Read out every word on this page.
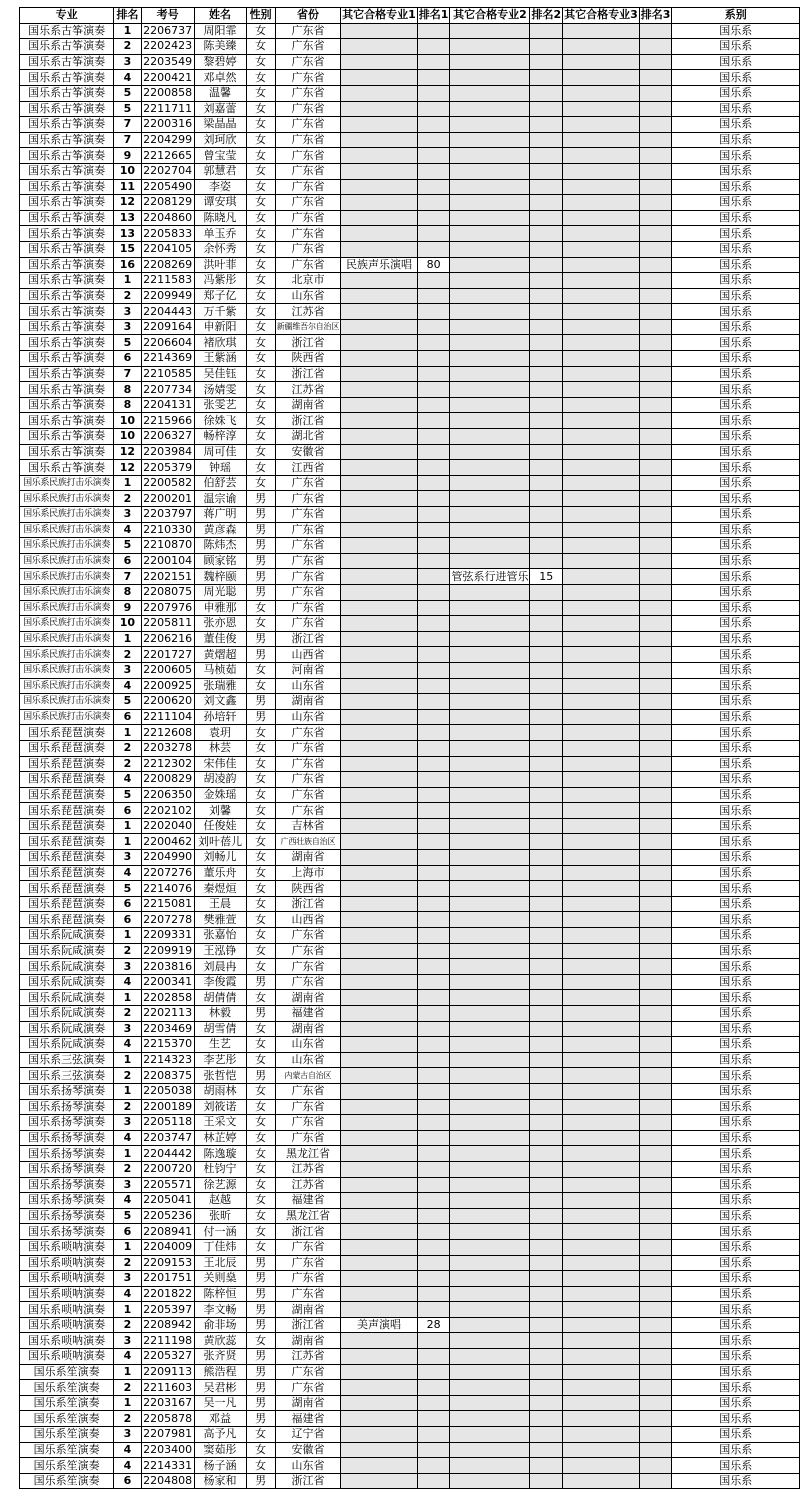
专业	排名	考号	姓名	性别	省份	其它合格专业1	排名1	其它合格专业2	排名2	其它合格专业3	排名3	系别
国乐系古筝演奏	1	2206737	周阳霏	女	广东省							国乐系
国乐系古筝演奏	2	2202423	陈美臻	女	广东省							国乐系
国乐系古筝演奏	3	2203549	黎碧婷	女	广东省							国乐系
国乐系古筝演奏	4	2200421	邓卓然	女	广东省							国乐系
国乐系古筝演奏	5	2200858	温馨	女	广东省							国乐系
国乐系古筝演奏	5	2211711	刘嘉蕾	女	广东省							国乐系
国乐系古筝演奏	7	2200316	梁晶晶	女	广东省							国乐系
国乐系古筝演奏	7	2204299	刘珂欣	女	广东省							国乐系
国乐系古筝演奏	9	2212665	曾宝莹	女	广东省							国乐系
国乐系古筝演奏	10	2202704	郭慧君	女	广东省							国乐系
国乐系古筝演奏	11	2205490	李姿	女	广东省							国乐系
国乐系古筝演奏	12	2208129	谭安琪	女	广东省							国乐系
国乐系古筝演奏	13	2204860	陈晓凡	女	广东省							国乐系
国乐系古筝演奏	13	2205833	单玉乔	女	广东省							国乐系
国乐系古筝演奏	15	2204105	余怀秀	女	广东省							国乐系
国乐系古筝演奏	16	2208269	洪叶菲	女	广东省	民族声乐演唱	80					国乐系
国乐系古筝演奏	1	2211583	冯紫彤	女	北京市							国乐系
国乐系古筝演奏	2	2209949	郑子亿	女	山东省							国乐系
国乐系古筝演奏	3	2204443	万千紫	女	江苏省							国乐系
国乐系古筝演奏	3	2209164	申新阳	女	新疆维吾尔自治区							国乐系
国乐系古筝演奏	5	2206604	褚欣琪	女	浙江省							国乐系
国乐系古筝演奏	6	2214369	王紫涵	女	陕西省							国乐系
国乐系古筝演奏	7	2210585	吴佳钰	女	浙江省							国乐系
国乐系古筝演奏	8	2207734	汤婧雯	女	江苏省							国乐系
国乐系古筝演奏	8	2204131	张雯艺	女	湖南省							国乐系
国乐系古筝演奏	10	2215966	徐姝飞	女	浙江省							国乐系
国乐系古筝演奏	10	2206327	畅梓淳	女	湖北省							国乐系
国乐系古筝演奏	12	2203984	周可佳	女	安徽省							国乐系
国乐系古筝演奏	12	2205379	钟瑶	女	江西省							国乐系
国乐系民族打击乐演奏	1	2200582	伯舒芸	女	广东省							国乐系
国乐系民族打击乐演奏	2	2200201	温宗谕	男	广东省							国乐系
国乐系民族打击乐演奏	3	2203797	蒋广明	男	广东省							国乐系
国乐系民族打击乐演奏	4	2210330	黄彦森	男	广东省							国乐系
国乐系民族打击乐演奏	5	2210870	陈炜杰	男	广东省							国乐系
国乐系民族打击乐演奏	6	2200104	顾家铭	男	广东省							国乐系
国乐系民族打击乐演奏	7	2202151	魏梓颐	男	广东省			管弦系行进管乐	15			国乐系
国乐系民族打击乐演奏	8	2208075	周光聪	男	广东省							国乐系
国乐系民族打击乐演奏	9	2207976	申雅那	女	广东省							国乐系
国乐系民族打击乐演奏	10	2205811	张亦恩	女	广东省							国乐系
国乐系民族打击乐演奏	1	2206216	董佳俊	男	浙江省							国乐系
国乐系民族打击乐演奏	2	2201727	黄熠超	男	山西省							国乐系
国乐系民族打击乐演奏	3	2200605	马桢茹	女	河南省							国乐系
国乐系民族打击乐演奏	4	2200925	张瑞雅	女	山东省							国乐系
国乐系民族打击乐演奏	5	2200620	刘文鑫	男	湖南省							国乐系
国乐系民族打击乐演奏	6	2211104	孙培轩	男	山东省							国乐系
国乐系琵琶演奏	1	2212608	袁玥	女	广东省							国乐系
国乐系琵琶演奏	2	2203278	林芸	女	广东省							国乐系
国乐系琵琶演奏	2	2212302	宋伟佳	女	广东省							国乐系
国乐系琵琶演奏	4	2200829	胡凌韵	女	广东省							国乐系
国乐系琵琶演奏	5	2206350	金姝瑶	女	广东省							国乐系
国乐系琵琶演奏	6	2202102	刘馨	女	广东省							国乐系
国乐系琵琶演奏	1	2202040	任俊娃	女	吉林省							国乐系
国乐系琵琶演奏	1	2200462	刘叶蓓儿	女	广西壮族自治区							国乐系
国乐系琵琶演奏	3	2204990	刘畅儿	女	湖南省							国乐系
国乐系琵琶演奏	4	2207276	董乐舟	女	上海市							国乐系
国乐系琵琶演奏	5	2214076	秦煜烜	女	陕西省							国乐系
国乐系琵琶演奏	6	2215081	王晨	女	浙江省							国乐系
国乐系琵琶演奏	6	2207278	樊雅萱	女	山西省							国乐系
国乐系阮咸演奏	1	2209331	张嘉怡	女	广东省							国乐系
国乐系阮咸演奏	2	2209919	王泓铮	女	广东省							国乐系
国乐系阮咸演奏	3	2203816	刘晨冉	女	广东省							国乐系
国乐系阮咸演奏	4	2200341	李俊霞	男	广东省							国乐系
国乐系阮咸演奏	1	2202858	胡倩倩	女	湖南省							国乐系
国乐系阮咸演奏	2	2202113	林毅	男	福建省							国乐系
国乐系阮咸演奏	3	2203469	胡雪倩	女	湖南省							国乐系
国乐系阮咸演奏	4	2215370	生艺	女	山东省							国乐系
国乐系三弦演奏	1	2214323	李艺彤	女	山东省							国乐系
国乐系三弦演奏	2	2208375	张哲恺	男	内蒙古自治区							国乐系
国乐系扬琴演奏	1	2205038	胡雨林	女	广东省							国乐系
国乐系扬琴演奏	2	2200189	刘筱诺	女	广东省							国乐系
国乐系扬琴演奏	3	2205118	王采文	女	广东省							国乐系
国乐系扬琴演奏	4	2203747	林芷婷	女	广东省							国乐系
国乐系扬琴演奏	1	2204442	陈逸璇	女	黑龙江省							国乐系
国乐系扬琴演奏	2	2200720	杜钧宁	女	江苏省							国乐系
国乐系扬琴演奏	3	2205571	徐艺源	女	江苏省							国乐系
国乐系扬琴演奏	4	2205041	赵越	女	福建省							国乐系
国乐系扬琴演奏	5	2205236	张昕	女	黑龙江省							国乐系
国乐系扬琴演奏	6	2208941	付一涵	女	浙江省							国乐系
国乐系唢呐演奏	1	2204009	丁佳炜	女	广东省							国乐系
国乐系唢呐演奏	2	2209153	王北辰	男	广东省							国乐系
国乐系唢呐演奏	3	2201751	关则燊	男	广东省							国乐系
国乐系唢呐演奏	4	2201822	陈梓恒	男	广东省							国乐系
国乐系唢呐演奏	1	2205397	李文畅	男	湖南省							国乐系
国乐系唢呐演奏	2	2208942	俞非场	男	浙江省	美声演唱	28					国乐系
国乐系唢呐演奏	3	2211198	黄欣蕊	女	湖南省							国乐系
国乐系唢呐演奏	4	2205327	张齐贤	男	江苏省							国乐系
国乐系笙演奏	1	2209113	熊浩程	男	广东省							国乐系
国乐系笙演奏	2	2211603	吴君彬	男	广东省							国乐系
国乐系笙演奏	1	2203167	吴一凡	男	湖南省							国乐系
国乐系笙演奏	2	2205878	邓益	男	福建省							国乐系
国乐系笙演奏	3	2207981	高予凡	女	辽宁省							国乐系
国乐系笙演奏	4	2203400	窦茹彤	女	安徽省							国乐系
国乐系笙演奏	4	2214331	杨子涵	女	山东省							国乐系
国乐系笙演奏	6	2204808	杨家和	男	浙江省							国乐系
